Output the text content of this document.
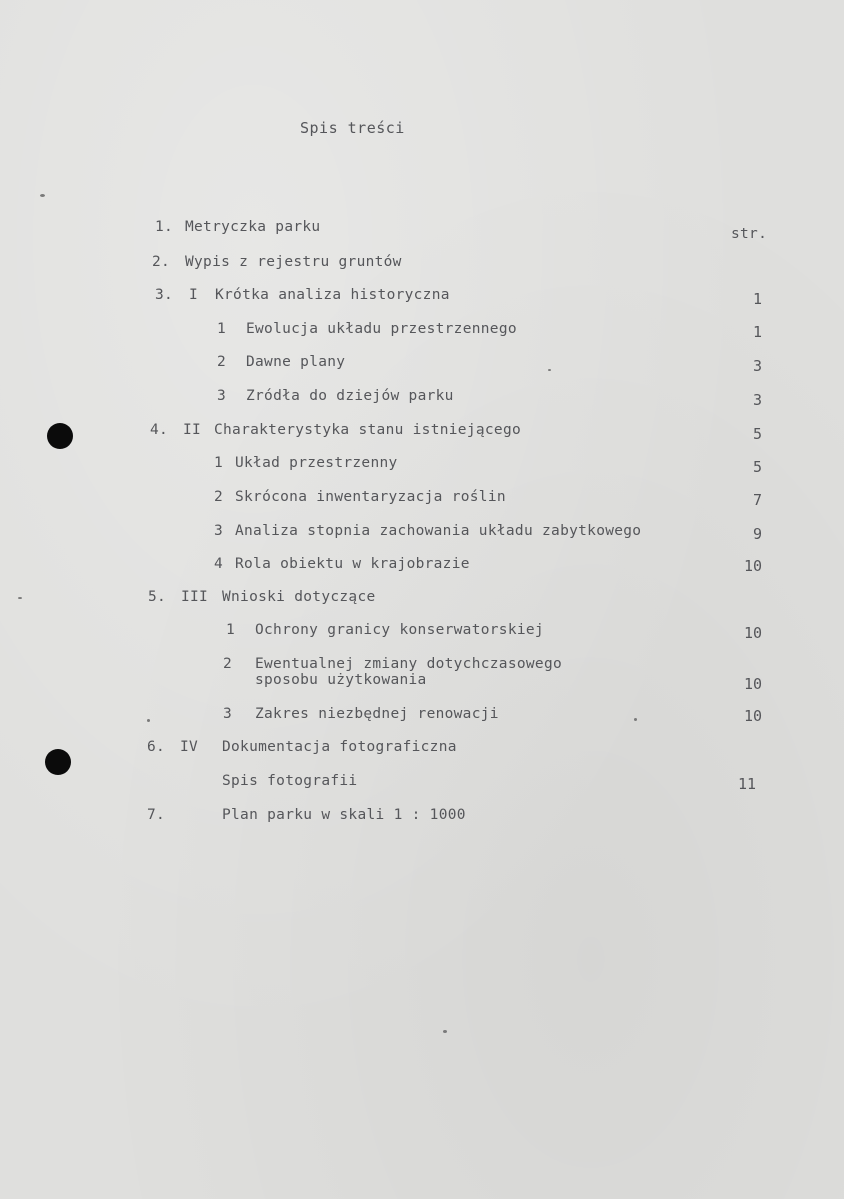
Spis treści
str.
1. Metryczka parku
2. Wypis z rejestru gruntów
3. I Krótka analiza historyczna	1
1 Ewolucja układu przestrzennego	1
2 Dawne plany	3
3 Zródła do dziejów parku	3
4. II Charakterystyka stanu istniejącego	5
1 Układ przestrzenny	5
2 Skrócona inwentaryzacja roślin	7
3 Analiza stopnia zachowania układu zabytkowego	9
4 Rola obiektu w krajobrazie	10
5. III Wnioski dotyczące
1 Ochrony granicy konserwatorskiej	10
2 Ewentualnej zmiany dotychczasowego
sposobu użytkowania	10
3 Zakres niezbędnej renowacji	10
6. IV Dokumentacja fotograficzna
Spis fotografii	11
7.	Plan parku w skali 1 : 1000
